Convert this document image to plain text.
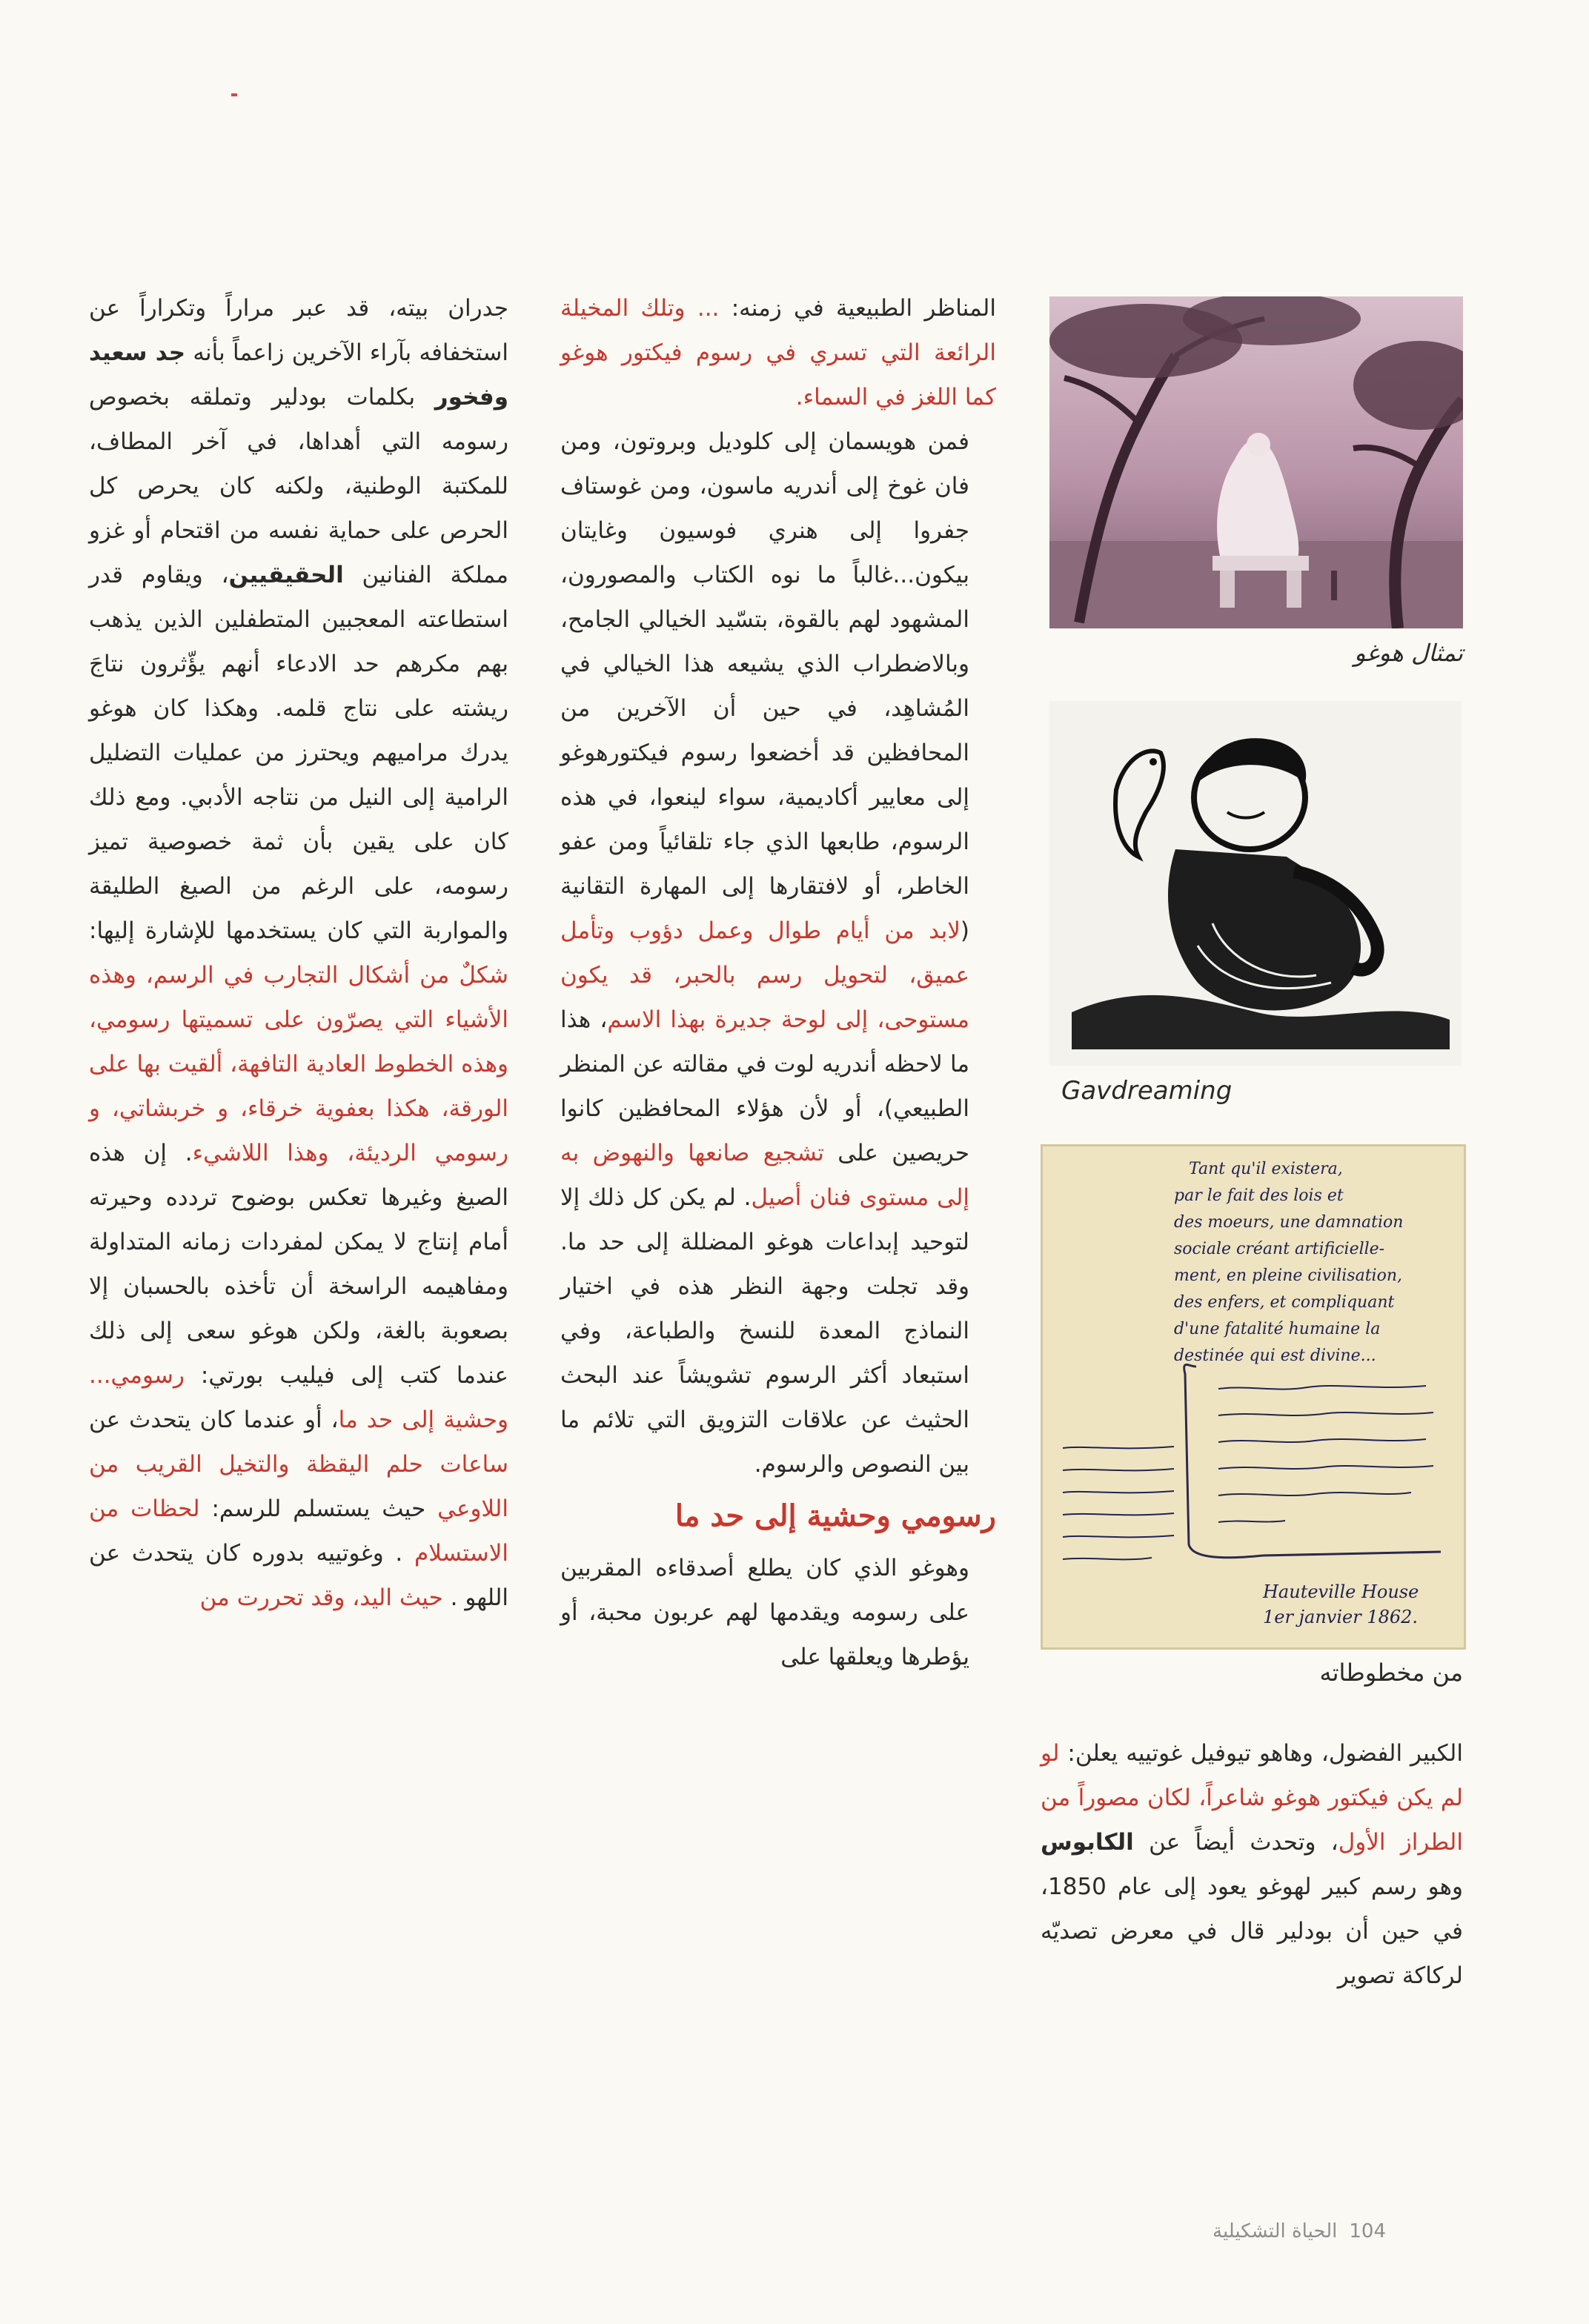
المناظر الطبيعية في زمنه: ... وتلك المخيلة الرائعة التي تسري في رسوم فيكتور هوغو كما اللغز في السماء.

فمن هويسمان إلى كلوديل وبروتون، ومن فان غوخ إلى أندريه ماسون، ومن غوستاف جفروا إلى هنري فوسيون وغايتان بيكون...غالباً ما نوه الكتاب والمصورون، المشهود لهم بالقوة، بتسّيد الخيالي الجامح، وبالاضطراب الذي يشيعه هذا الخيالي في المُشاهِد، في حين أن الآخرين من المحافظين قد أخضعوا رسوم فيكتورهوغو إلى معايير أكاديمية، سواء لينعوا، في هذه الرسوم، طابعها الذي جاء تلقائياً ومن عفو الخاطر، أو لافتقارها إلى المهارة التقانية (لابد من أيام طوال وعمل دؤوب وتأمل عميق، لتحويل رسم بالحبر، قد يكون مستوحى، إلى لوحة جديرة بهذا الاسم، هذا ما لاحظه أندريه لوت في مقالته عن المنظر الطبيعي)، أو لأن هؤلاء المحافظين كانوا حريصين على تشجيع صانعها والنهوض به إلى مستوى فنان أصيل. لم يكن كل ذلك إلا لتوحيد إبداعات هوغو المضللة إلى حد ما. وقد تجلت وجهة النظر هذه في اختيار النماذج المعدة للنسخ والطباعة، وفي استبعاد أكثر الرسوم تشويشاً عند البحث الحثيث عن علاقات التزويق التي تلائم ما بين النصوص والرسوم.

رسومي وحشية إلى حد ما

وهوغو الذي كان يطلع أصدقاءه المقربين على رسومه ويقدمها لهم عربون محبة، أو يؤطرها ويعلقها على

جدران بيته، قد عبر مراراً وتكراراً عن استخفافه بآراء الآخرين زاعماً بأنه جد سعيد وفخور بكلمات بودلير وتملقه بخصوص رسومه التي أهداها، في آخر المطاف، للمكتبة الوطنية، ولكنه كان يحرص كل الحرص على حماية نفسه من اقتحام أو غزو مملكة الفنانين الحقيقيين، ويقاوم قدر استطاعته المعجبين المتطفلين الذين يذهب بهم مكرهم حد الادعاء أنهم يؤّثرون نتاجَ ريشته على نتاج قلمه. وهكذا كان هوغو يدرك مراميهم ويحترز من عمليات التضليل الرامية إلى النيل من نتاجه الأدبي. ومع ذلك كان على يقين بأن ثمة خصوصية تميز رسومه، على الرغم من الصيغ الطليقة والمواربة التي كان يستخدمها للإشارة إليها: شكلٌ من أشكال التجارب في الرسم، وهذه الأشياء التي يصرّون على تسميتها رسومي، وهذه الخطوط العادية التافهة، ألقيت بها على الورقة، هكذا بعفوية خرقاء، و خربشاتي، و رسومي الرديئة، وهذا اللاشيء. إن هذه الصيغ وغيرها تعكس بوضوح تردده وحيرته أمام إنتاج لا يمكن لمفردات زمانه المتداولة ومفاهيمه الراسخة أن تأخذه بالحسبان إلا بصعوبة بالغة، ولكن هوغو سعى إلى ذلك عندما كتب إلى فيليب بورتي: رسومي... وحشية إلى حد ما، أو عندما كان يتحدث عن ساعات حلم اليقظة والتخيل القريب من اللاوعي حيث يستسلم للرسم: لحظات من الاستسلام . وغوتييه بدوره كان يتحدث عن اللهو . حيث اليد، وقد تحررت من

الكبير الفضول، وهاهو تيوفيل غوتييه يعلن: لو لم يكن فيكتور هوغو شاعراً، لكان مصوراً من الطراز الأول، وتحدث أيضاً عن الكابوس وهو رسم كبير لهوغو يعود إلى عام 1850، في حين أن بودلير قال في معرض تصديّه لركاكة تصوير

تمثال هوغو
Gavdreaming
Tant qu'il existera,
par le fait des lois et
des moeurs, une damnation
sociale créant artificielle-
ment, en pleine civilisation,
des enfers, et compliquant
d'une fatalité humaine la
destinée qui est divine...
Hauteville House
1er janvier 1862.
من مخطوطاته
104الحياة التشكيلية
